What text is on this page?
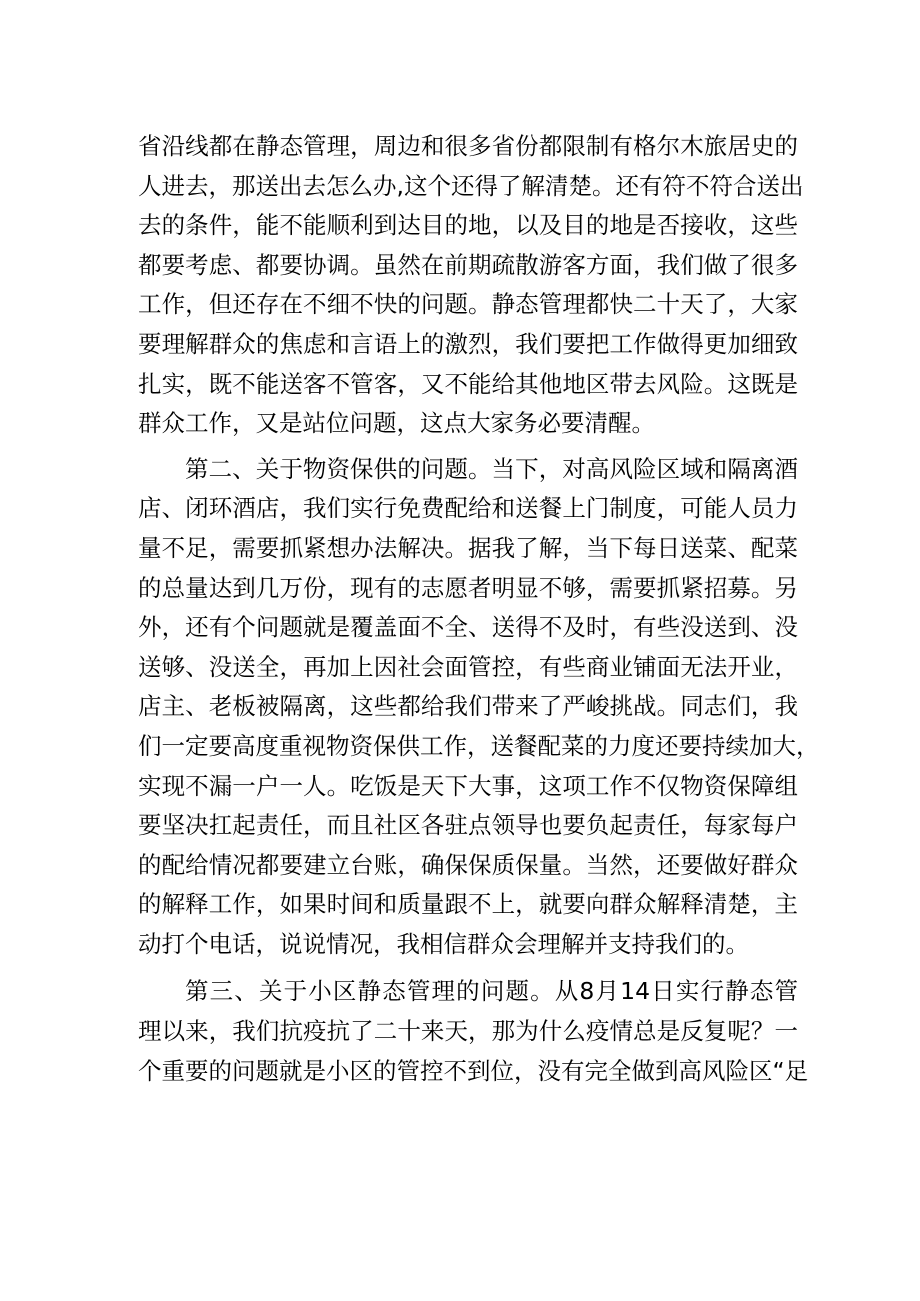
省沿线都在静态管理，周边和很多省份都限制有格尔木旅居史的
人进去，那送出去怎么办,这个还得了解清楚。还有符不符合送出
去的条件，能不能顺利到达目的地，以及目的地是否接收，这些
都要考虑、都要协调。虽然在前期疏散游客方面，我们做了很多
工作，但还存在不细不快的问题。静态管理都快二十天了，大家
要理解群众的焦虑和言语上的激烈，我们要把工作做得更加细致
扎实，既不能送客不管客，又不能给其他地区带去风险。这既是
群众工作，又是站位问题，这点大家务必要清醒。

第二、关于物资保供的问题。当下，对高风险区域和隔离酒
店、闭环酒店，我们实行免费配给和送餐上门制度，可能人员力
量不足，需要抓紧想办法解决。据我了解，当下每日送菜、配菜
的总量达到几万份，现有的志愿者明显不够，需要抓紧招募。另
外，还有个问题就是覆盖面不全、送得不及时，有些没送到、没
送够、没送全，再加上因社会面管控，有些商业铺面无法开业，
店主、老板被隔离，这些都给我们带来了严峻挑战。同志们，我
们一定要高度重视物资保供工作，送餐配菜的力度还要持续加大，
实现不漏一户一人。吃饭是天下大事，这项工作不仅物资保障组
要坚决扛起责任，而且社区各驻点领导也要负起责任，每家每户
的配给情况都要建立台账，确保保质保量。当然，还要做好群众
的解释工作，如果时间和质量跟不上，就要向群众解释清楚，主
动打个电话，说说情况，我相信群众会理解并支持我们的。

第三、关于小区静态管理的问题。从8月14日实行静态管
理以来，我们抗疫抗了二十来天，那为什么疫情总是反复呢？一
个重要的问题就是小区的管控不到位，没有完全做到高风险区“足
